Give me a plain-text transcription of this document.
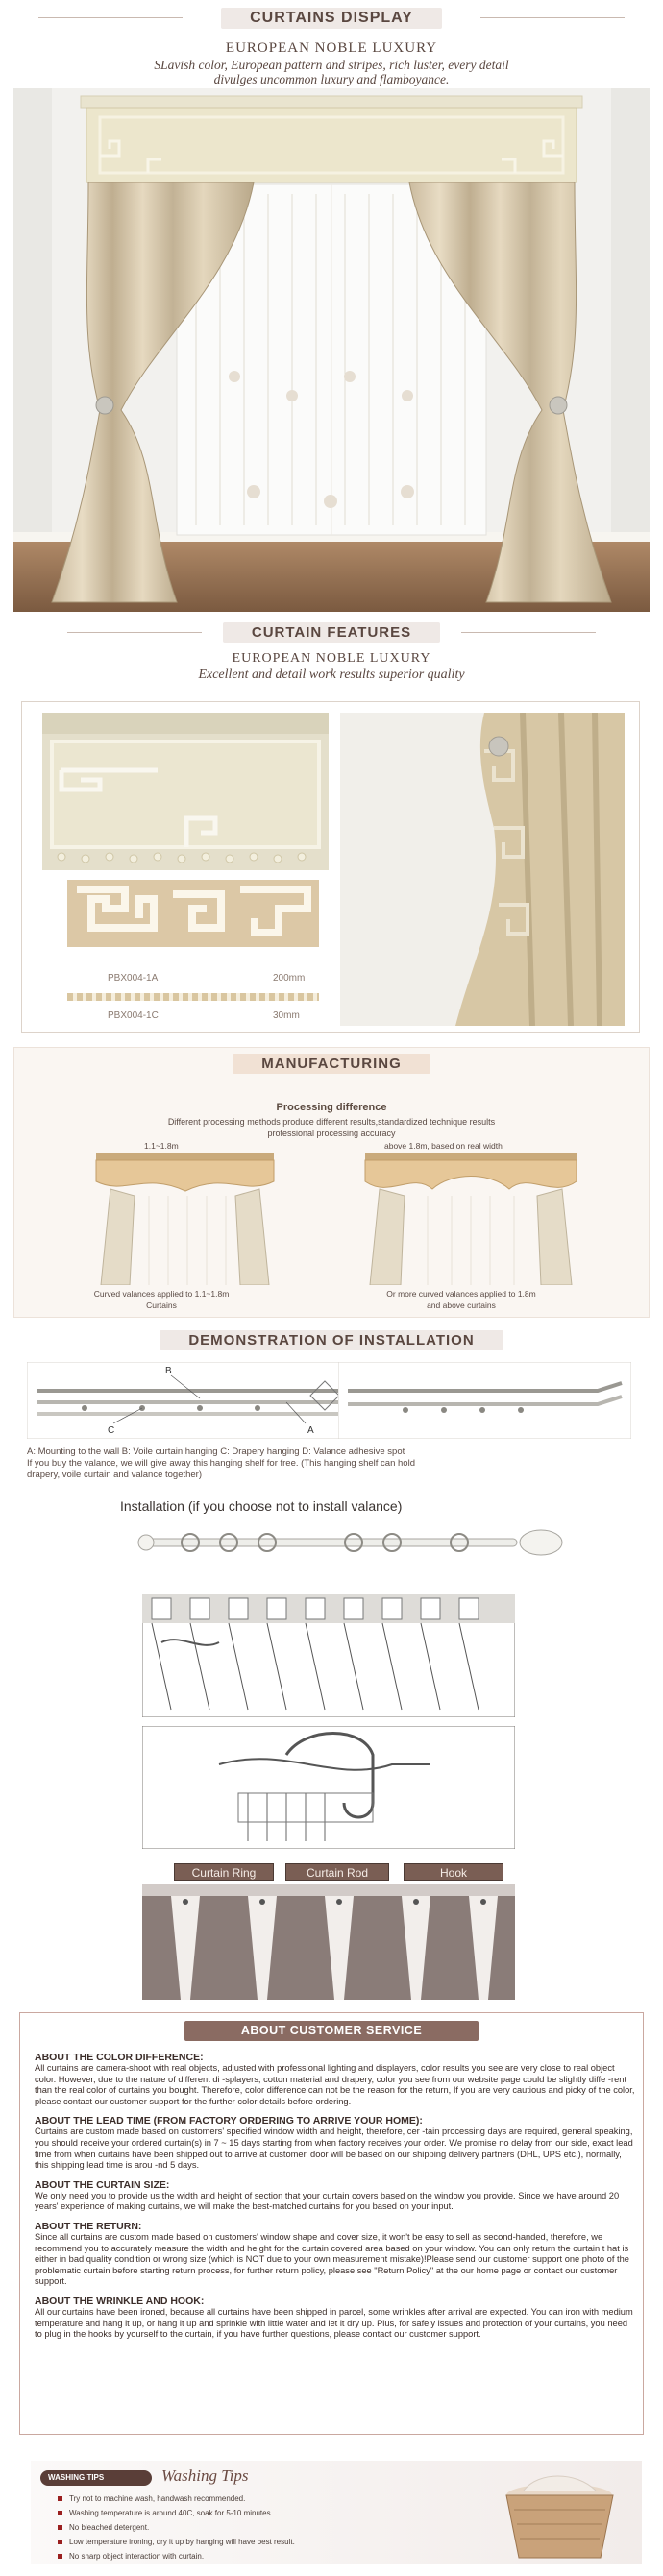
CURTAINS DISPLAY
EUROPEAN NOBLE LUXURY
SLavish color, European pattern and stripes, rich luster, every detail
divulges uncommon luxury and flamboyance.
CURTAIN FEATURES
EUROPEAN NOBLE LUXURY
Excellent and detail work results superior quality
PBX004-1A	200mm
PBX004-1C	30mm
MANUFACTURING
Processing difference
Different processing methods produce different results,standardized technique results
professional processing accuracy
1.1~1.8m	above 1.8m, based on real width
Curved valances applied to 1.1~1.8m
Curtains
Or more curved valances applied to 1.8m
and above curtains
DEMONSTRATION OF INSTALLATION
B
C	A
A: Mounting to the wall B: Voile curtain hanging C: Drapery hanging D: Valance adhesive spot
If you buy the valance, we will give away this hanging shelf for free. (This hanging shelf can hold
drapery, voile curtain and valance together)
Installation (if you choose not to install valance)
Curtain Ring	Curtain Rod	Hook
ABOUT CUSTOMER SERVICE
ABOUT THE COLOR DIFFERENCE:

All curtains are camera-shoot with real objects, adjusted with professional lighting and displayers, color results you see are very close to real object color. However, due to the nature of different di -splayers, cotton material and drapery, color you see from our website page could be slightly diffe -rent than the real color of curtains you bought. Therefore, color difference can not be the reason for the return, If you are very cautious and picky of the color, please contact our customer support for the further color details before ordering.

ABOUT THE LEAD TIME (FROM FACTORY ORDERING TO ARRIVE YOUR HOME):

Curtains are custom made based on customers' specified window width and height, therefore, cer -tain processing days are required, general speaking, you should receive your ordered curtain(s) in 7 ~ 15 days starting from when factory receives your order. We promise no delay from our side, exact lead time from when curtains have been shipped out to arrive at customer' door will be based on our shipping delivery partners (DHL, UPS etc.), normally, this shipping lead time is arou -nd 5 days.

ABOUT THE CURTAIN SIZE:

We only need you to provide us the width and height of section that your curtain covers based on the window you provide. Since we have around 20 years' experience of making curtains, we will make the best-matched curtains for you based on your input.

ABOUT THE RETURN:

Since all curtains are custom made based on customers' window shape and cover size, it won't be easy to sell as second-handed, therefore, we recommend you to accurately measure the width and height for the curtain covered area based on your window. You can only return the curtain t hat is either in bad quality condition or wrong size (which is NOT due to your own measurement mistake)!Please send our customer support one photo of the problematic curtain before starting return process, for further return policy, please see "Return Policy" at the our home page or contact our customer support.

ABOUT THE WRINKLE AND HOOK:

All our curtains have been ironed, because all curtains have been shipped in parcel, some wrinkles after arrival are expected. You can iron with medium temperature and hang it up, or hang it up and sprinkle with little water and let it dry up. Plus, for safely issues and protection of your curtains, you need to plug in the hooks by yourself to the curtain, if you have further questions, please contact our customer support.

WASHING TIPS	Washing Tips
Try not to machine wash, handwash recommended.
Washing temperature is around 40C, soak for 5-10 minutes.
No bleached detergent.
Low temperature ironing, dry it up by hanging will have best result.
No sharp object interaction with curtain.
